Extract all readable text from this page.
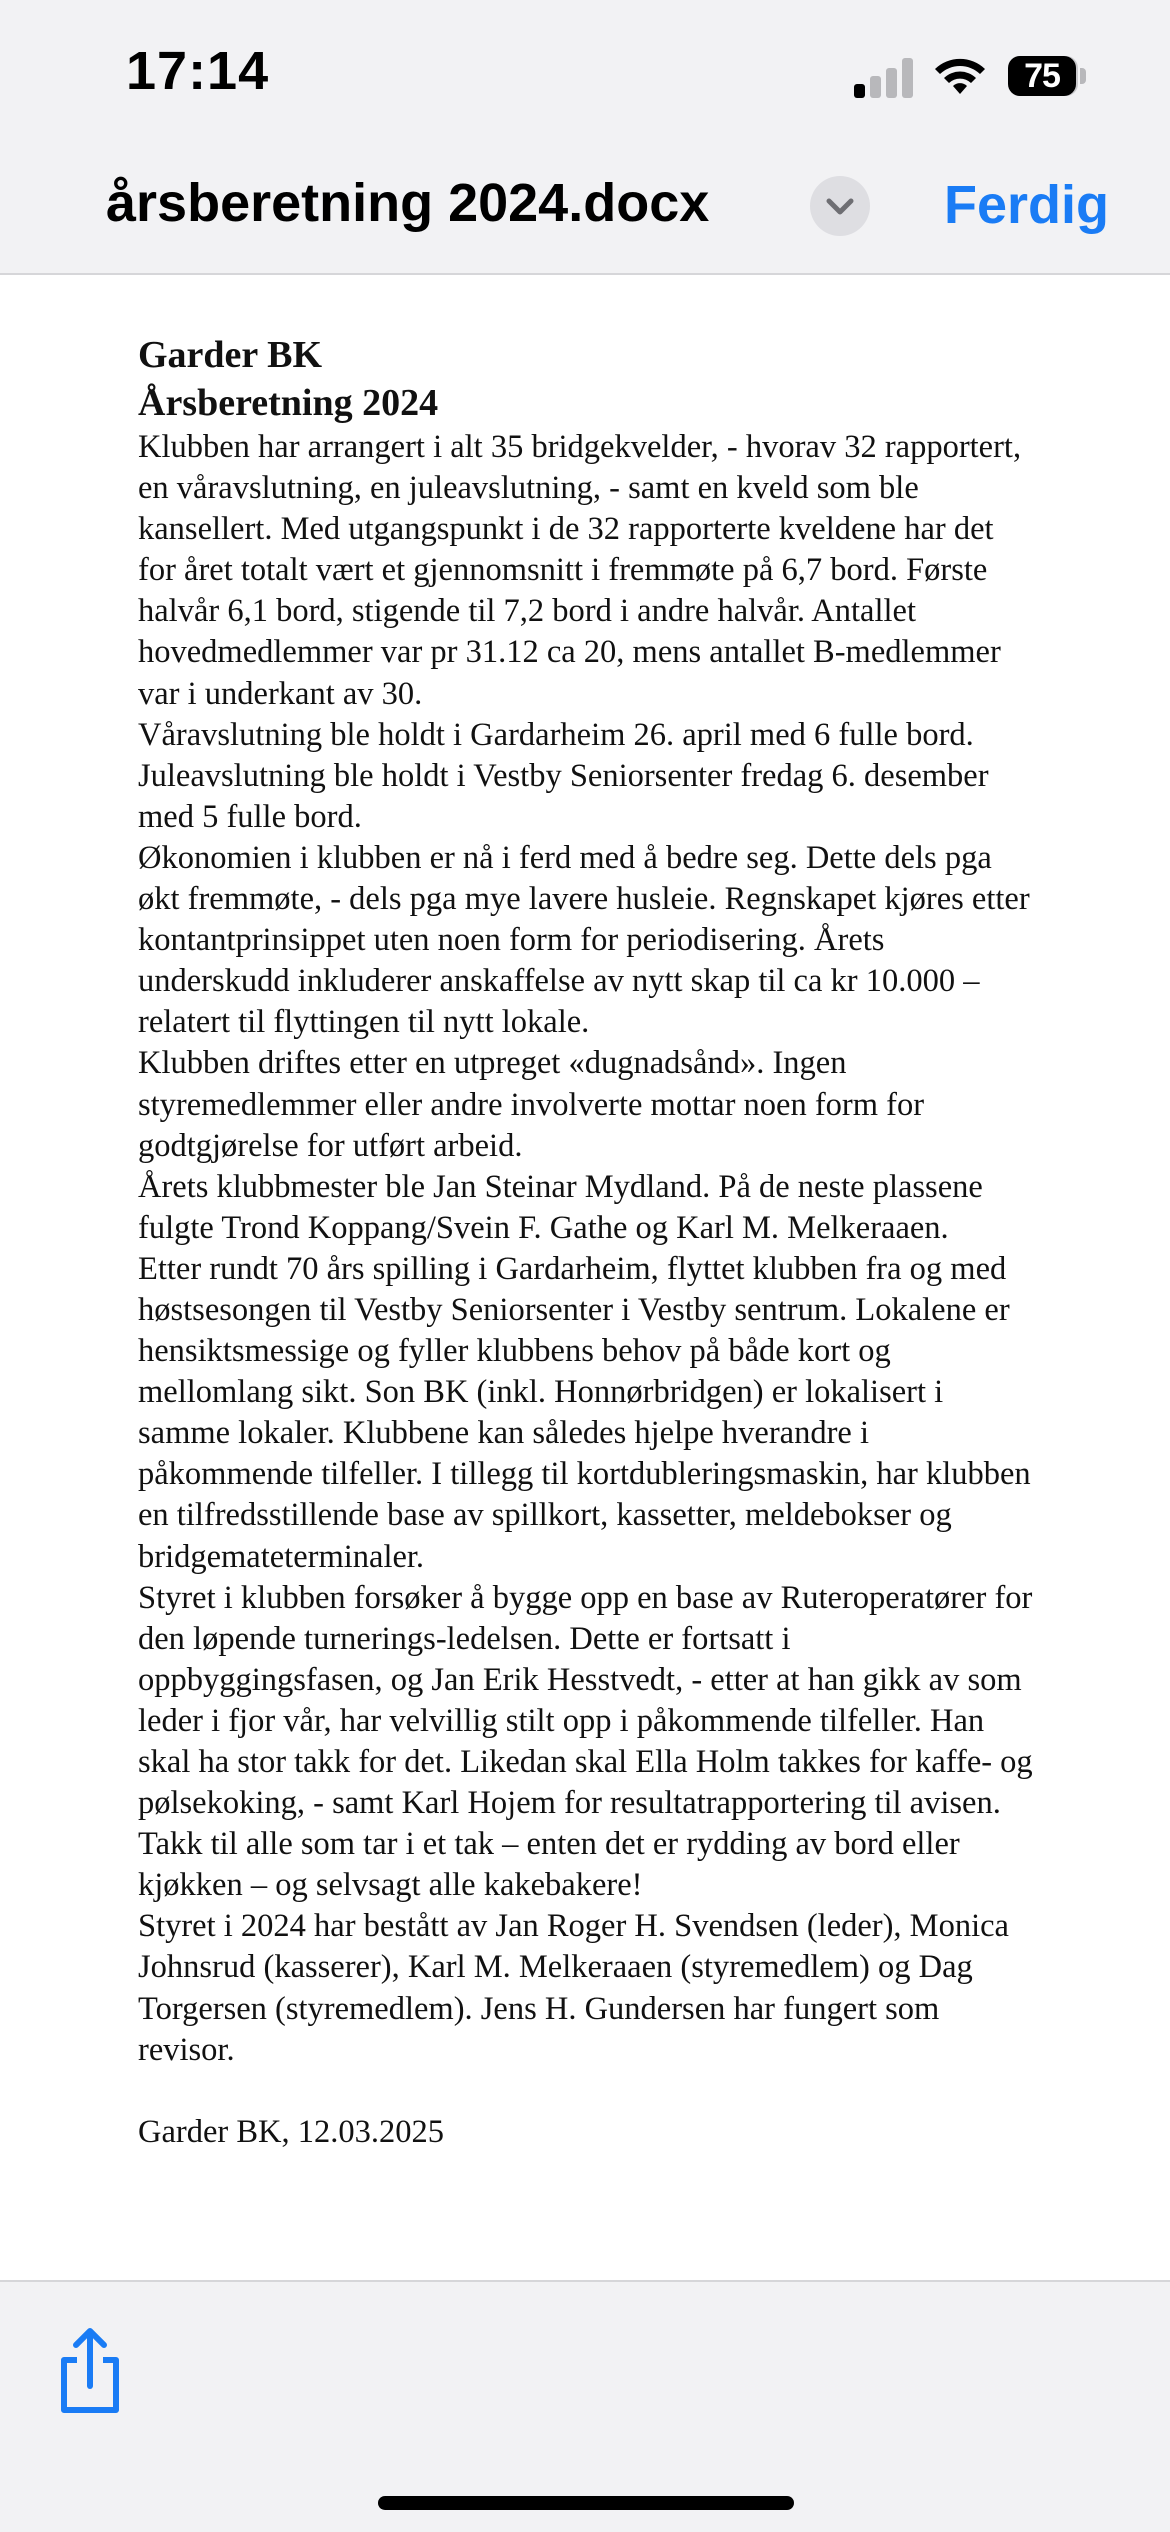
17:14	75
årsberetning 2024.docx	Ferdig

Garder BK

Årsberetning 2024

Klubben har arrangert i alt 35 bridgekvelder, - hvorav 32 rapportert, en våravslutning, en juleavslutning, - samt en kveld som ble kansellert. Med utgangspunkt i de 32 rapporterte kveldene har det for året totalt vært et gjennomsnitt i fremmøte på 6,7 bord. Første halvår 6,1 bord, stigende til 7,2 bord i andre halvår. Antallet hovedmedlemmer var pr 31.12 ca 20, mens antallet B-medlemmer var i underkant av 30.

Våravslutning ble holdt i Gardarheim 26. april med 6 fulle bord. Juleavslutning ble holdt i Vestby Seniorsenter fredag 6. desember med 5 fulle bord.

Økonomien i klubben er nå i ferd med å bedre seg. Dette dels pga økt fremmøte, - dels pga mye lavere husleie. Regnskapet kjøres etter kontantprinsippet uten noen form for periodisering. Årets underskudd inkluderer anskaffelse av nytt skap til ca kr 10.000 – relatert til flyttingen til nytt lokale.

Klubben driftes etter en utpreget «dugnadsånd». Ingen styremedlemmer eller andre involverte mottar noen form for godtgjørelse for utført arbeid.

Årets klubbmester ble Jan Steinar Mydland. På de neste plassene fulgte Trond Koppang/Svein F. Gathe og Karl M. Melkeraaen.

Etter rundt 70 års spilling i Gardarheim, flyttet klubben fra og med høstsesongen til Vestby Seniorsenter i Vestby sentrum. Lokalene er hensiktsmessige og fyller klubbens behov på både kort og mellomlang sikt. Son BK (inkl. Honnørbridgen) er lokalisert i samme lokaler. Klubbene kan således hjelpe hverandre i påkommende tilfeller. I tillegg til kortdubleringsmaskin, har klubben en tilfredsstillende base av spillkort, kassetter, meldebokser og bridgemateterminaler.

Styret i klubben forsøker å bygge opp en base av Ruteroperatører for den løpende turnerings-ledelsen. Dette er fortsatt i oppbyggingsfasen, og Jan Erik Hesstvedt, - etter at han gikk av som leder i fjor vår, har velvillig stilt opp i påkommende tilfeller. Han skal ha stor takk for det. Likedan skal Ella Holm takkes for kaffe- og pølsekoking, - samt Karl Hojem for resultatrapportering til avisen. Takk til alle som tar i et tak – enten det er rydding av bord eller kjøkken – og selvsagt alle kakebakere!

Styret i 2024 har bestått av Jan Roger H. Svendsen (leder), Monica Johnsrud (kasserer), Karl M. Melkeraaen (styremedlem) og Dag Torgersen (styremedlem). Jens H. Gundersen har fungert som revisor.

Garder BK, 12.03.2025
